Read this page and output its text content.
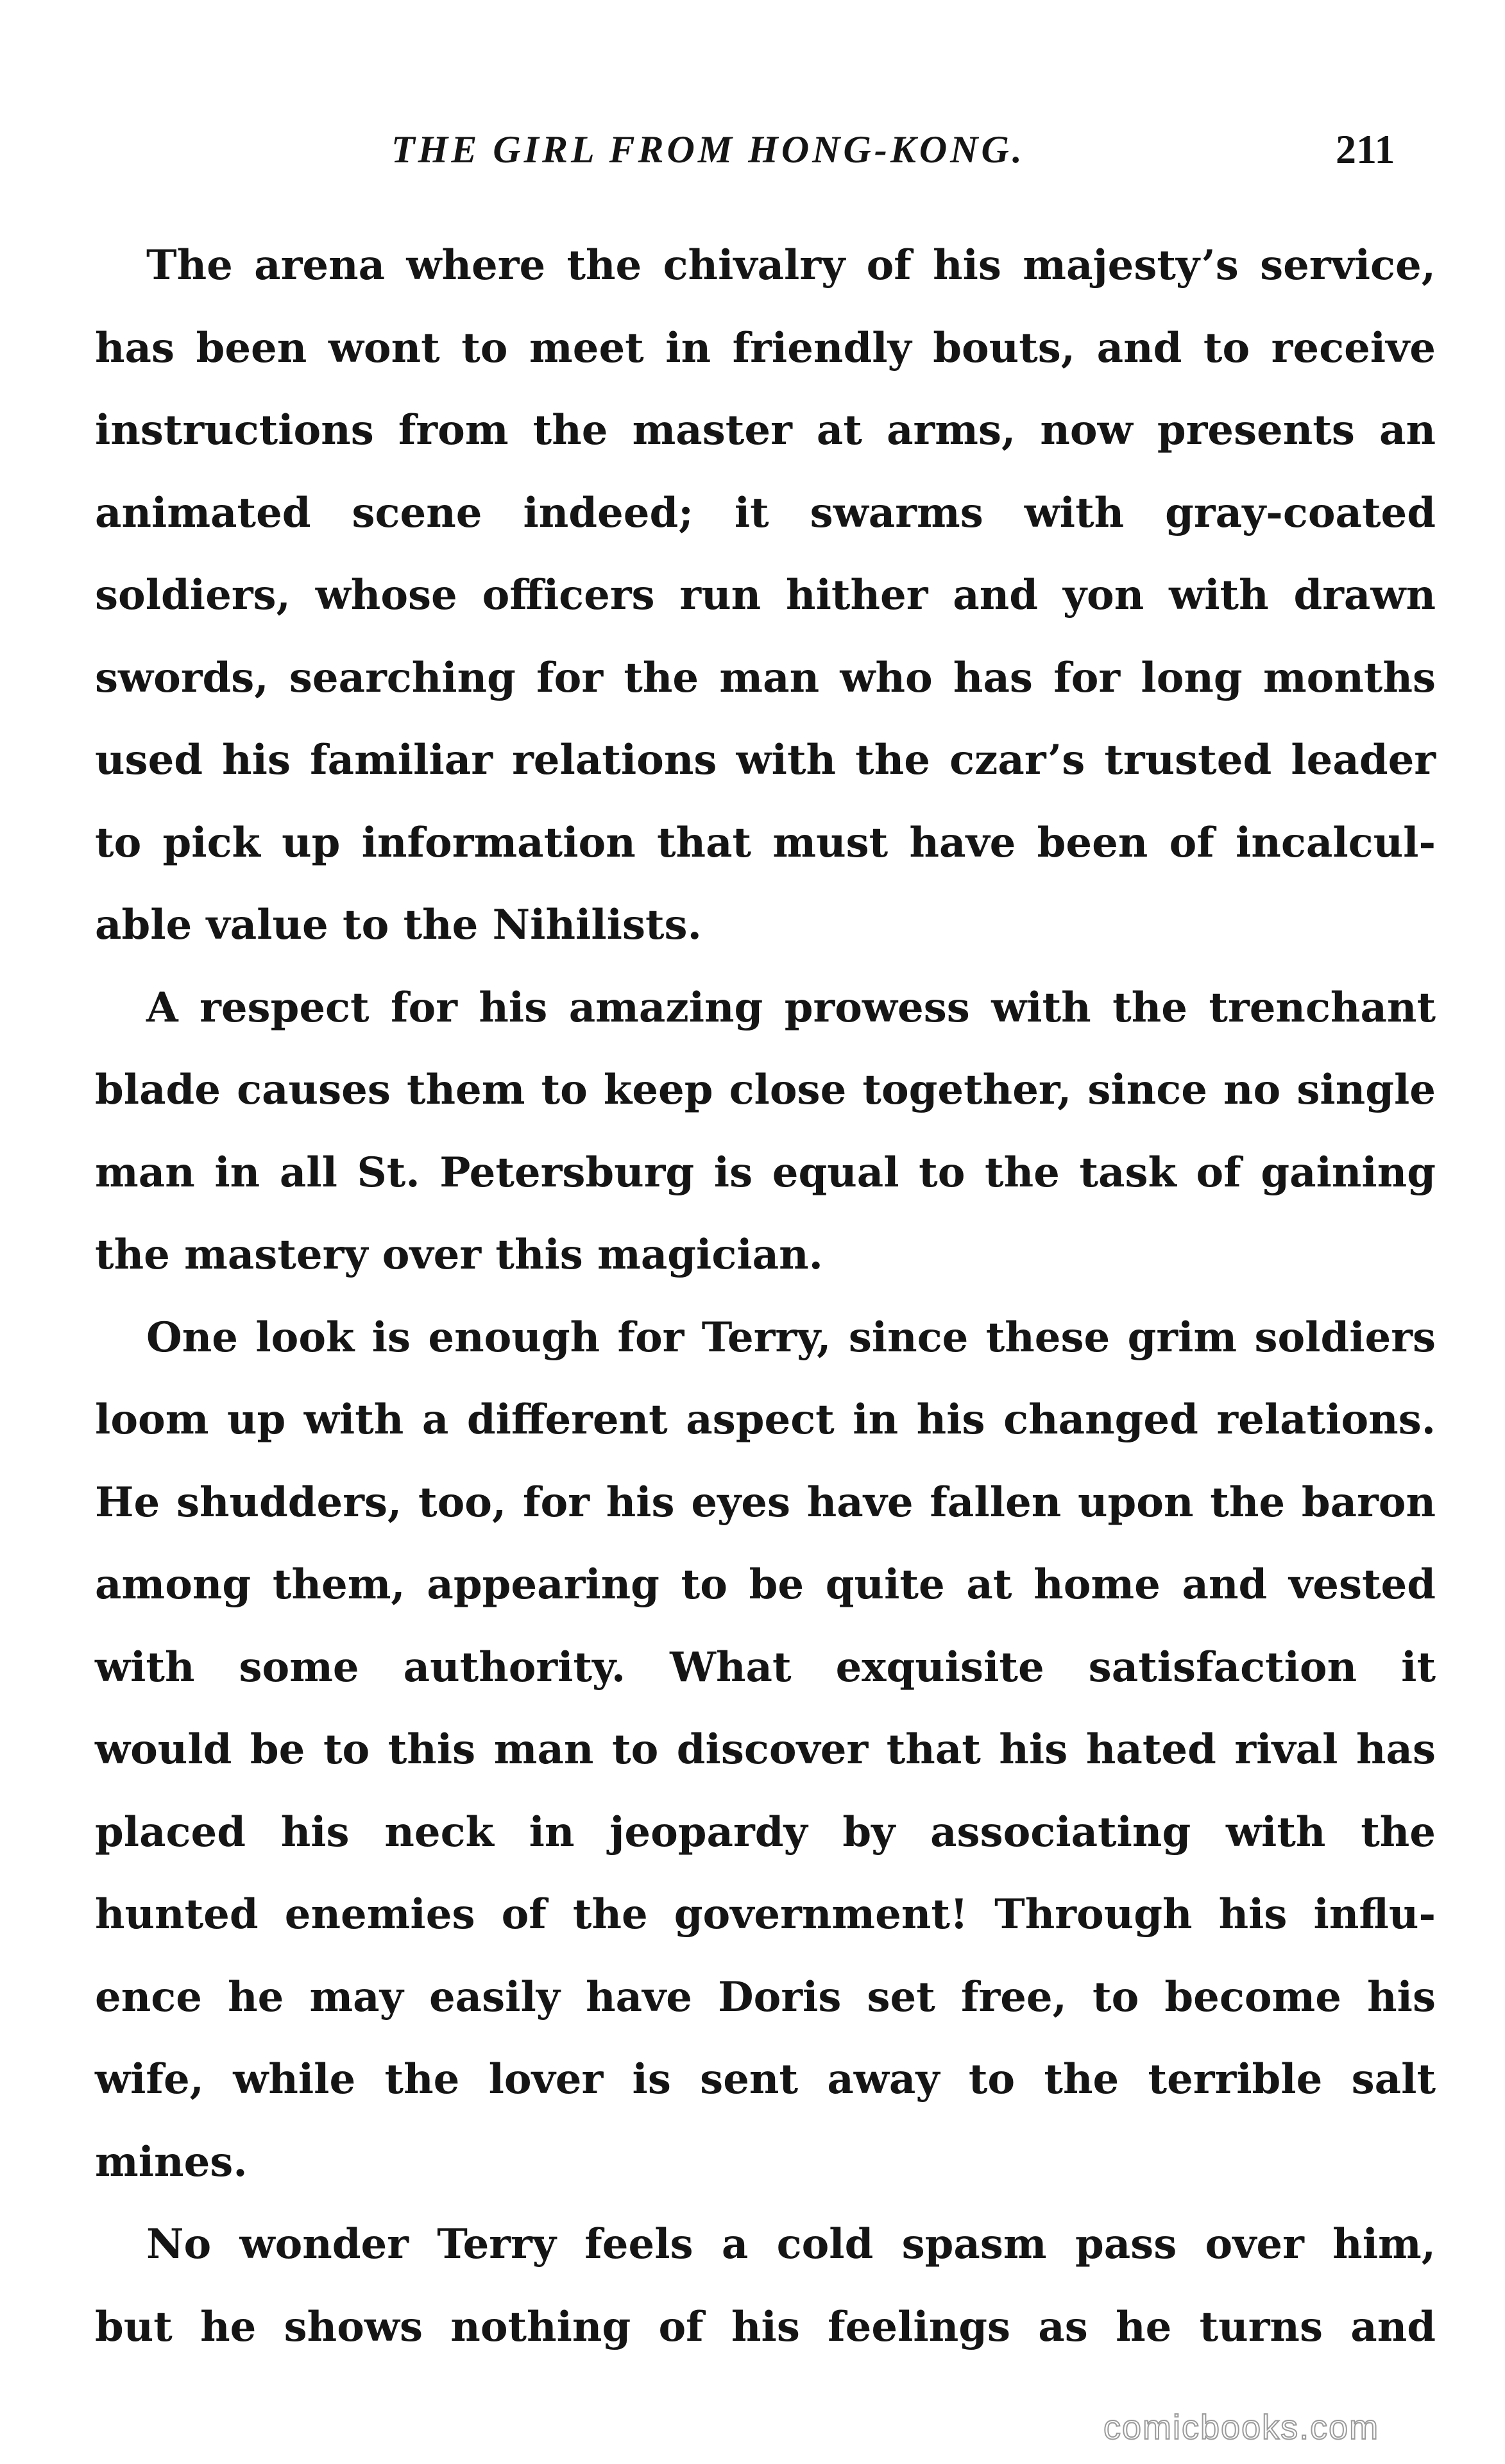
THE GIRL FROM HONG-KONG.	211
The arena where the chivalry of his majesty’s service,
has been wont to meet in friendly bouts, and to receive
instructions from the master at arms, now presents an
animated scene indeed; it swarms with gray-coated
soldiers, whose officers run hither and yon with drawn
swords, searching for the man who has for long months
used his familiar relations with the czar’s trusted leader
to pick up information that must have been of incalcul-
able value to the Nihilists.
A respect for his amazing prowess with the trenchant
blade causes them to keep close together, since no single
man in all St. Petersburg is equal to the task of gaining
the mastery over this magician.
One look is enough for Terry, since these grim soldiers
loom up with a different aspect in his changed relations.
He shudders, too, for his eyes have fallen upon the baron
among them, appearing to be quite at home and vested
with some authority. What exquisite satisfaction it
would be to this man to discover that his hated rival has
placed his neck in jeopardy by associating with the
hunted enemies of the government! Through his influ-
ence he may easily have Doris set free, to become his
wife, while the lover is sent away to the terrible salt
mines.
No wonder Terry feels a cold spasm pass over him,
but he shows nothing of his feelings as he turns and
comicbooks.com
